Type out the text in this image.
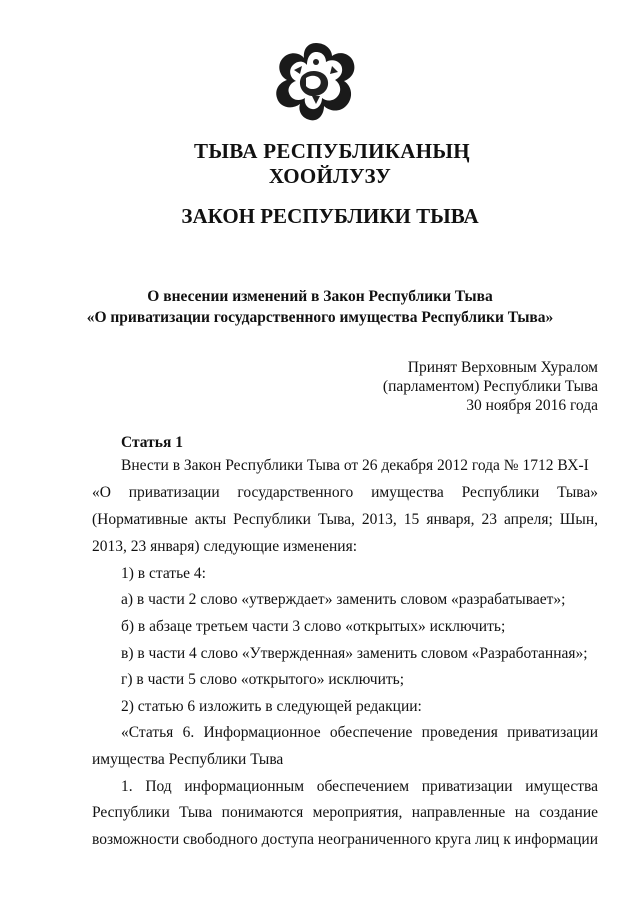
ТЫВА РЕСПУБЛИКАНЫҢ
ХООЙЛУЗУ
ЗАКОН РЕСПУБЛИКИ ТЫВА
О внесении изменений в Закон Республики Тыва
«О приватизации государственного имущества Республики Тыва»
Принят Верховным Хуралом
(парламентом) Республики Тыва
30 ноября 2016 года
Статья 1
Внести в Закон Республики Тыва от 26 декабря 2012 года № 1712 ВХ-I
«О приватизации государственного имущества Республики Тыва»
(Нормативные акты Республики Тыва, 2013, 15 января, 23 апреля; Шын,
2013, 23 января) следующие изменения:
1) в статье 4:
а) в части 2 слово «утверждает» заменить словом «разрабатывает»;
б) в абзаце третьем части 3 слово «открытых» исключить;
в) в части 4 слово «Утвержденная» заменить словом «Разработанная»;
г) в части 5 слово «открытого» исключить;
2) статью 6 изложить в следующей редакции:
«Статья 6. Информационное обеспечение проведения приватизации
имущества Республики Тыва
1. Под информационным обеспечением приватизации имущества
Республики Тыва понимаются мероприятия, направленные на создание
возможности свободного доступа неограниченного круга лиц к информации
